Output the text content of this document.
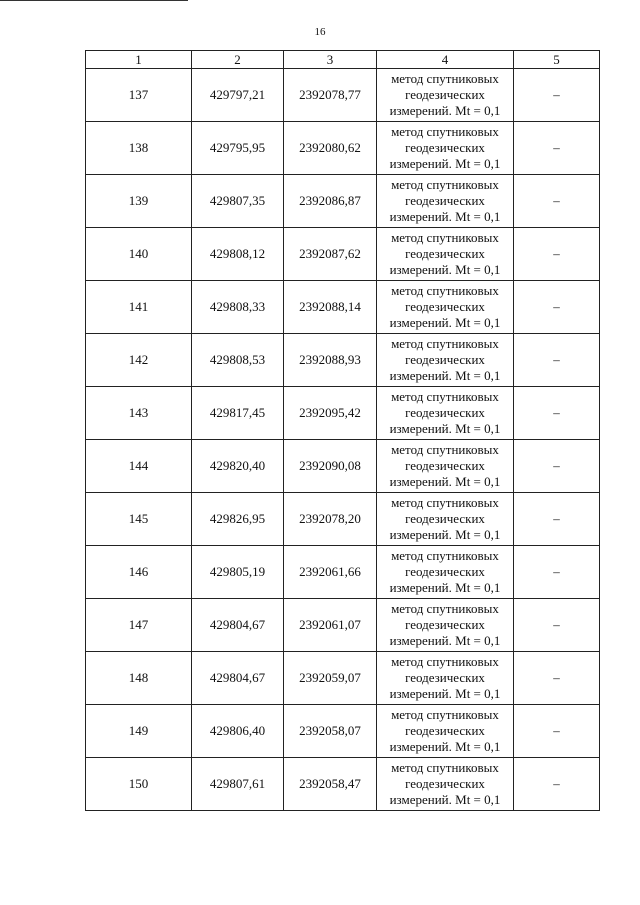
16
1	2	3	4	5
137	429797,21	2392078,77	метод спутниковых
геодезических
измерений. Mt = 0,1	–
138	429795,95	2392080,62	метод спутниковых
геодезических
измерений. Mt = 0,1	–
139	429807,35	2392086,87	метод спутниковых
геодезических
измерений. Mt = 0,1	–
140	429808,12	2392087,62	метод спутниковых
геодезических
измерений. Mt = 0,1	–
141	429808,33	2392088,14	метод спутниковых
геодезических
измерений. Mt = 0,1	–
142	429808,53	2392088,93	метод спутниковых
геодезических
измерений. Mt = 0,1	–
143	429817,45	2392095,42	метод спутниковых
геодезических
измерений. Mt = 0,1	–
144	429820,40	2392090,08	метод спутниковых
геодезических
измерений. Mt = 0,1	–
145	429826,95	2392078,20	метод спутниковых
геодезических
измерений. Mt = 0,1	–
146	429805,19	2392061,66	метод спутниковых
геодезических
измерений. Mt = 0,1	–
147	429804,67	2392061,07	метод спутниковых
геодезических
измерений. Mt = 0,1	–
148	429804,67	2392059,07	метод спутниковых
геодезических
измерений. Mt = 0,1	–
149	429806,40	2392058,07	метод спутниковых
геодезических
измерений. Mt = 0,1	–
150	429807,61	2392058,47	метод спутниковых
геодезических
измерений. Mt = 0,1	–
